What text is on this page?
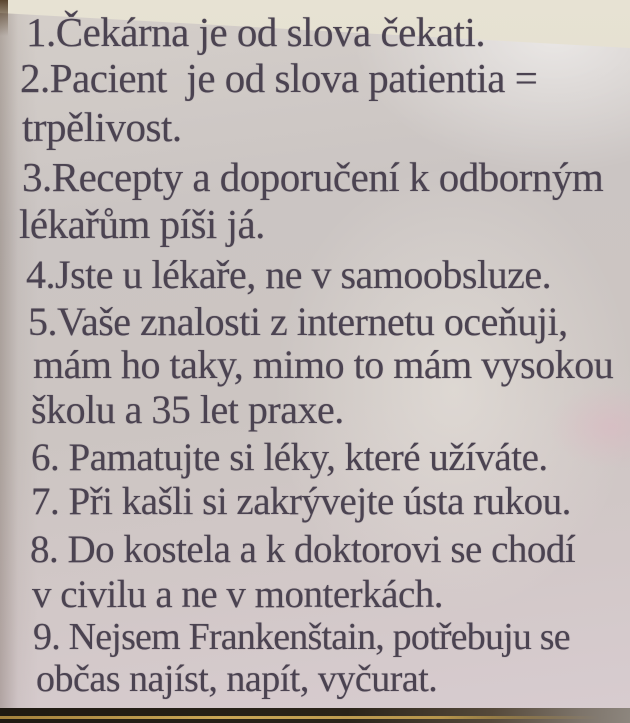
1.Čekárna je od slova čekati.
2.Pacient  je od slova patientia =
trpělivost.
3.Recepty a doporučení k odborným
lékařům píši já.
4.Jste u lékaře, ne v samoobsluze.
5.Vaše znalosti z internetu oceňuji,
mám ho taky, mimo to mám vysokou
školu a 35 let praxe.
6. Pamatujte si léky, které užíváte.
7. Při kašli si zakrývejte ústa rukou.
8. Do kostela a k doktorovi se chodí
v civilu a ne v monterkách.
9. Nejsem Frankenštain, potřebuju se
občas najíst, napít, vyčurat.
